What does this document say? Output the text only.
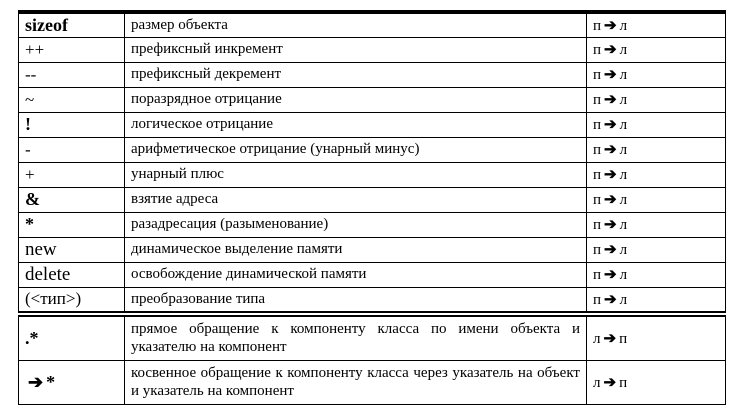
sizeof	размер объекта	п ➔ л
++	префиксный инкремент	п ➔ л
--	префиксный декремент	п ➔ л
~	поразрядное отрицание	п ➔ л
!	логическое отрицание	п ➔ л
-	арифметическое отрицание (унарный минус)	п ➔ л
+	унарный плюс	п ➔ л
&	взятие адреса	п ➔ л
*	разадресация (разыменование)	п ➔ л
new	динамическое выделение памяти	п ➔ л
delete	освобождение динамической памяти	п ➔ л
(<тип>)	преобразование типа	п ➔ л

.*	прямое обращение к компоненту класса по имени объекта и указателю на компонент	л ➔ п
➔ *	косвенное обращение к компоненту класса через указатель на объект и указатель на компонент	л ➔ п
